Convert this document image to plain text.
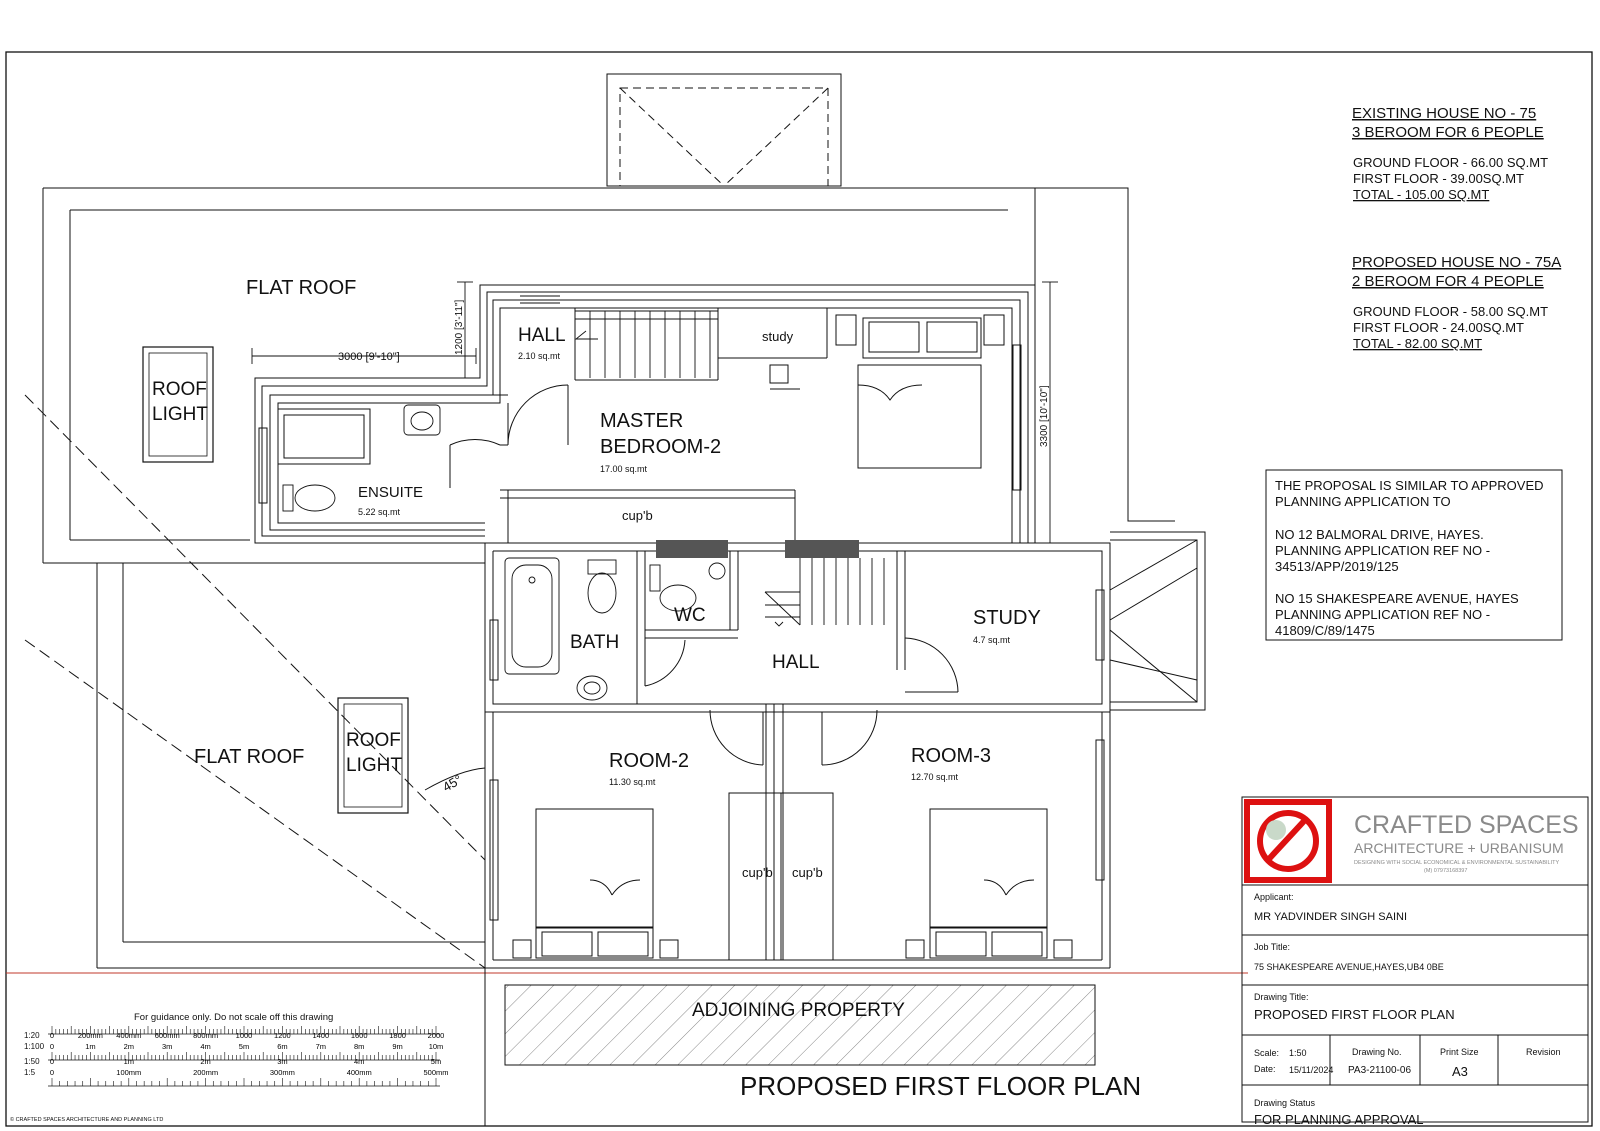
FLAT ROOF
FLAT ROOF
ROOF
LIGHT
ROOF
LIGHT
HALL
2.10 sq.mt
study
MASTER
BEDROOM-2
17.00 sq.mt
ENSUITE
5.22 sq.mt	cup'b
BATH
WC
HALL
STUDY
4.7 sq.mt
ROOM-2
11.30 sq.mt
ROOM-3
12.70 sq.mt
cup'b cup'b
ADJOINING PROPERTY
45°
3000 [9'-10"]
1200 [3'-11"]
3300 [10'-10"]
PROPOSED FIRST FLOOR PLAN
EXISTING HOUSE NO - 75
3 BEROOM FOR 6 PEOPLE
GROUND FLOOR - 66.00 SQ.MT
FIRST FLOOR - 39.00SQ.MT
TOTAL - 105.00 SQ.MT
PROPOSED HOUSE NO - 75A
2 BEROOM FOR 4 PEOPLE
GROUND FLOOR - 58.00 SQ.MT
FIRST FLOOR - 24.00SQ.MT
TOTAL - 82.00 SQ.MT
THE PROPOSAL IS SIMILAR TO APPROVED
PLANNING APPLICATION TO
NO 12 BALMORAL DRIVE, HAYES.
PLANNING APPLICATION REF NO -
34513/APP/2019/125
NO 15 SHAKESPEARE AVENUE, HAYES
PLANNING APPLICATION REF NO -
41809/C/89/1475
CRAFTED SPACES
ARCHITECTURE + URBANISUM
DESIGNING WITH SOCIAL ECONOMICAL & ENVIRONMENTAL SUSTAINABILITY
(M) 07973168397
Applicant:
MR YADVINDER SINGH SAINI
Job Title:
75 SHAKESPEARE AVENUE,HAYES,UB4 0BE
Drawing Title:
PROPOSED FIRST FLOOR PLAN
Scale: 1:50
Date: 15/11/2024
Drawing No.
PA3-21100-06
Print Size
A3
Revision
Drawing Status
FOR PLANNING APPROVAL
For guidance only. Do not scale off this drawing
1:20
1:100
1:50
1:5
0	200mm 400mm 600mm 800mm 1000	1200	1400	1600	1800	2000
0	1m	2m	3m	4m	5m	6m	7m	8m	9m	10m
0	1m	2m	3m	4m	5m
0	100mm	200mm	300mm	400mm	500mm
© CRAFTED SPACES ARCHITECTURE AND PLANNING LTD
